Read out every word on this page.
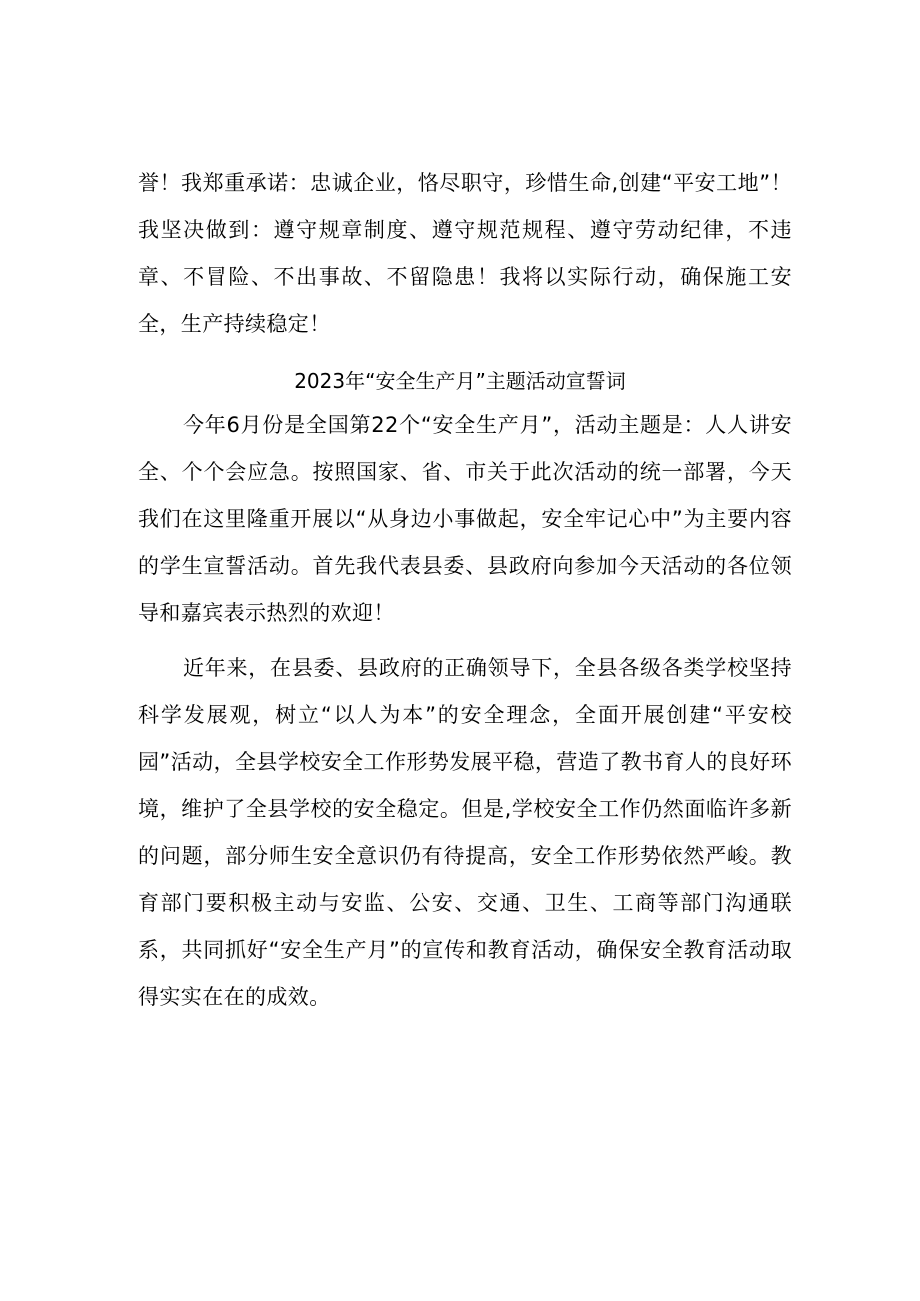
誉！我郑重承诺：忠诚企业，恪尽职守，珍惜生命,创建“平安工地”！我坚决做到：遵守规章制度、遵守规范规程、遵守劳动纪律，不违章、不冒险、不出事故、不留隐患！我将以实际行动，确保施工安全，生产持续稳定！

2023年“安全生产月”主题活动宣誓词

今年6月份是全国第22个“安全生产月”，活动主题是：人人讲安全、个个会应急。按照国家、省、市关于此次活动的统一部署，今天我们在这里隆重开展以“从身边小事做起，安全牢记心中”为主要内容的学生宣誓活动。首先我代表县委、县政府向参加今天活动的各位领导和嘉宾表示热烈的欢迎！

近年来，在县委、县政府的正确领导下，全县各级各类学校坚持科学发展观，树立“以人为本”的安全理念，全面开展创建“平安校园”活动，全县学校安全工作形势发展平稳，营造了教书育人的良好环境，维护了全县学校的安全稳定。但是,学校安全工作仍然面临许多新的问题，部分师生安全意识仍有待提高，安全工作形势依然严峻。教育部门要积极主动与安监、公安、交通、卫生、工商等部门沟通联系，共同抓好“安全生产月”的宣传和教育活动，确保安全教育活动取得实实在在的成效。
